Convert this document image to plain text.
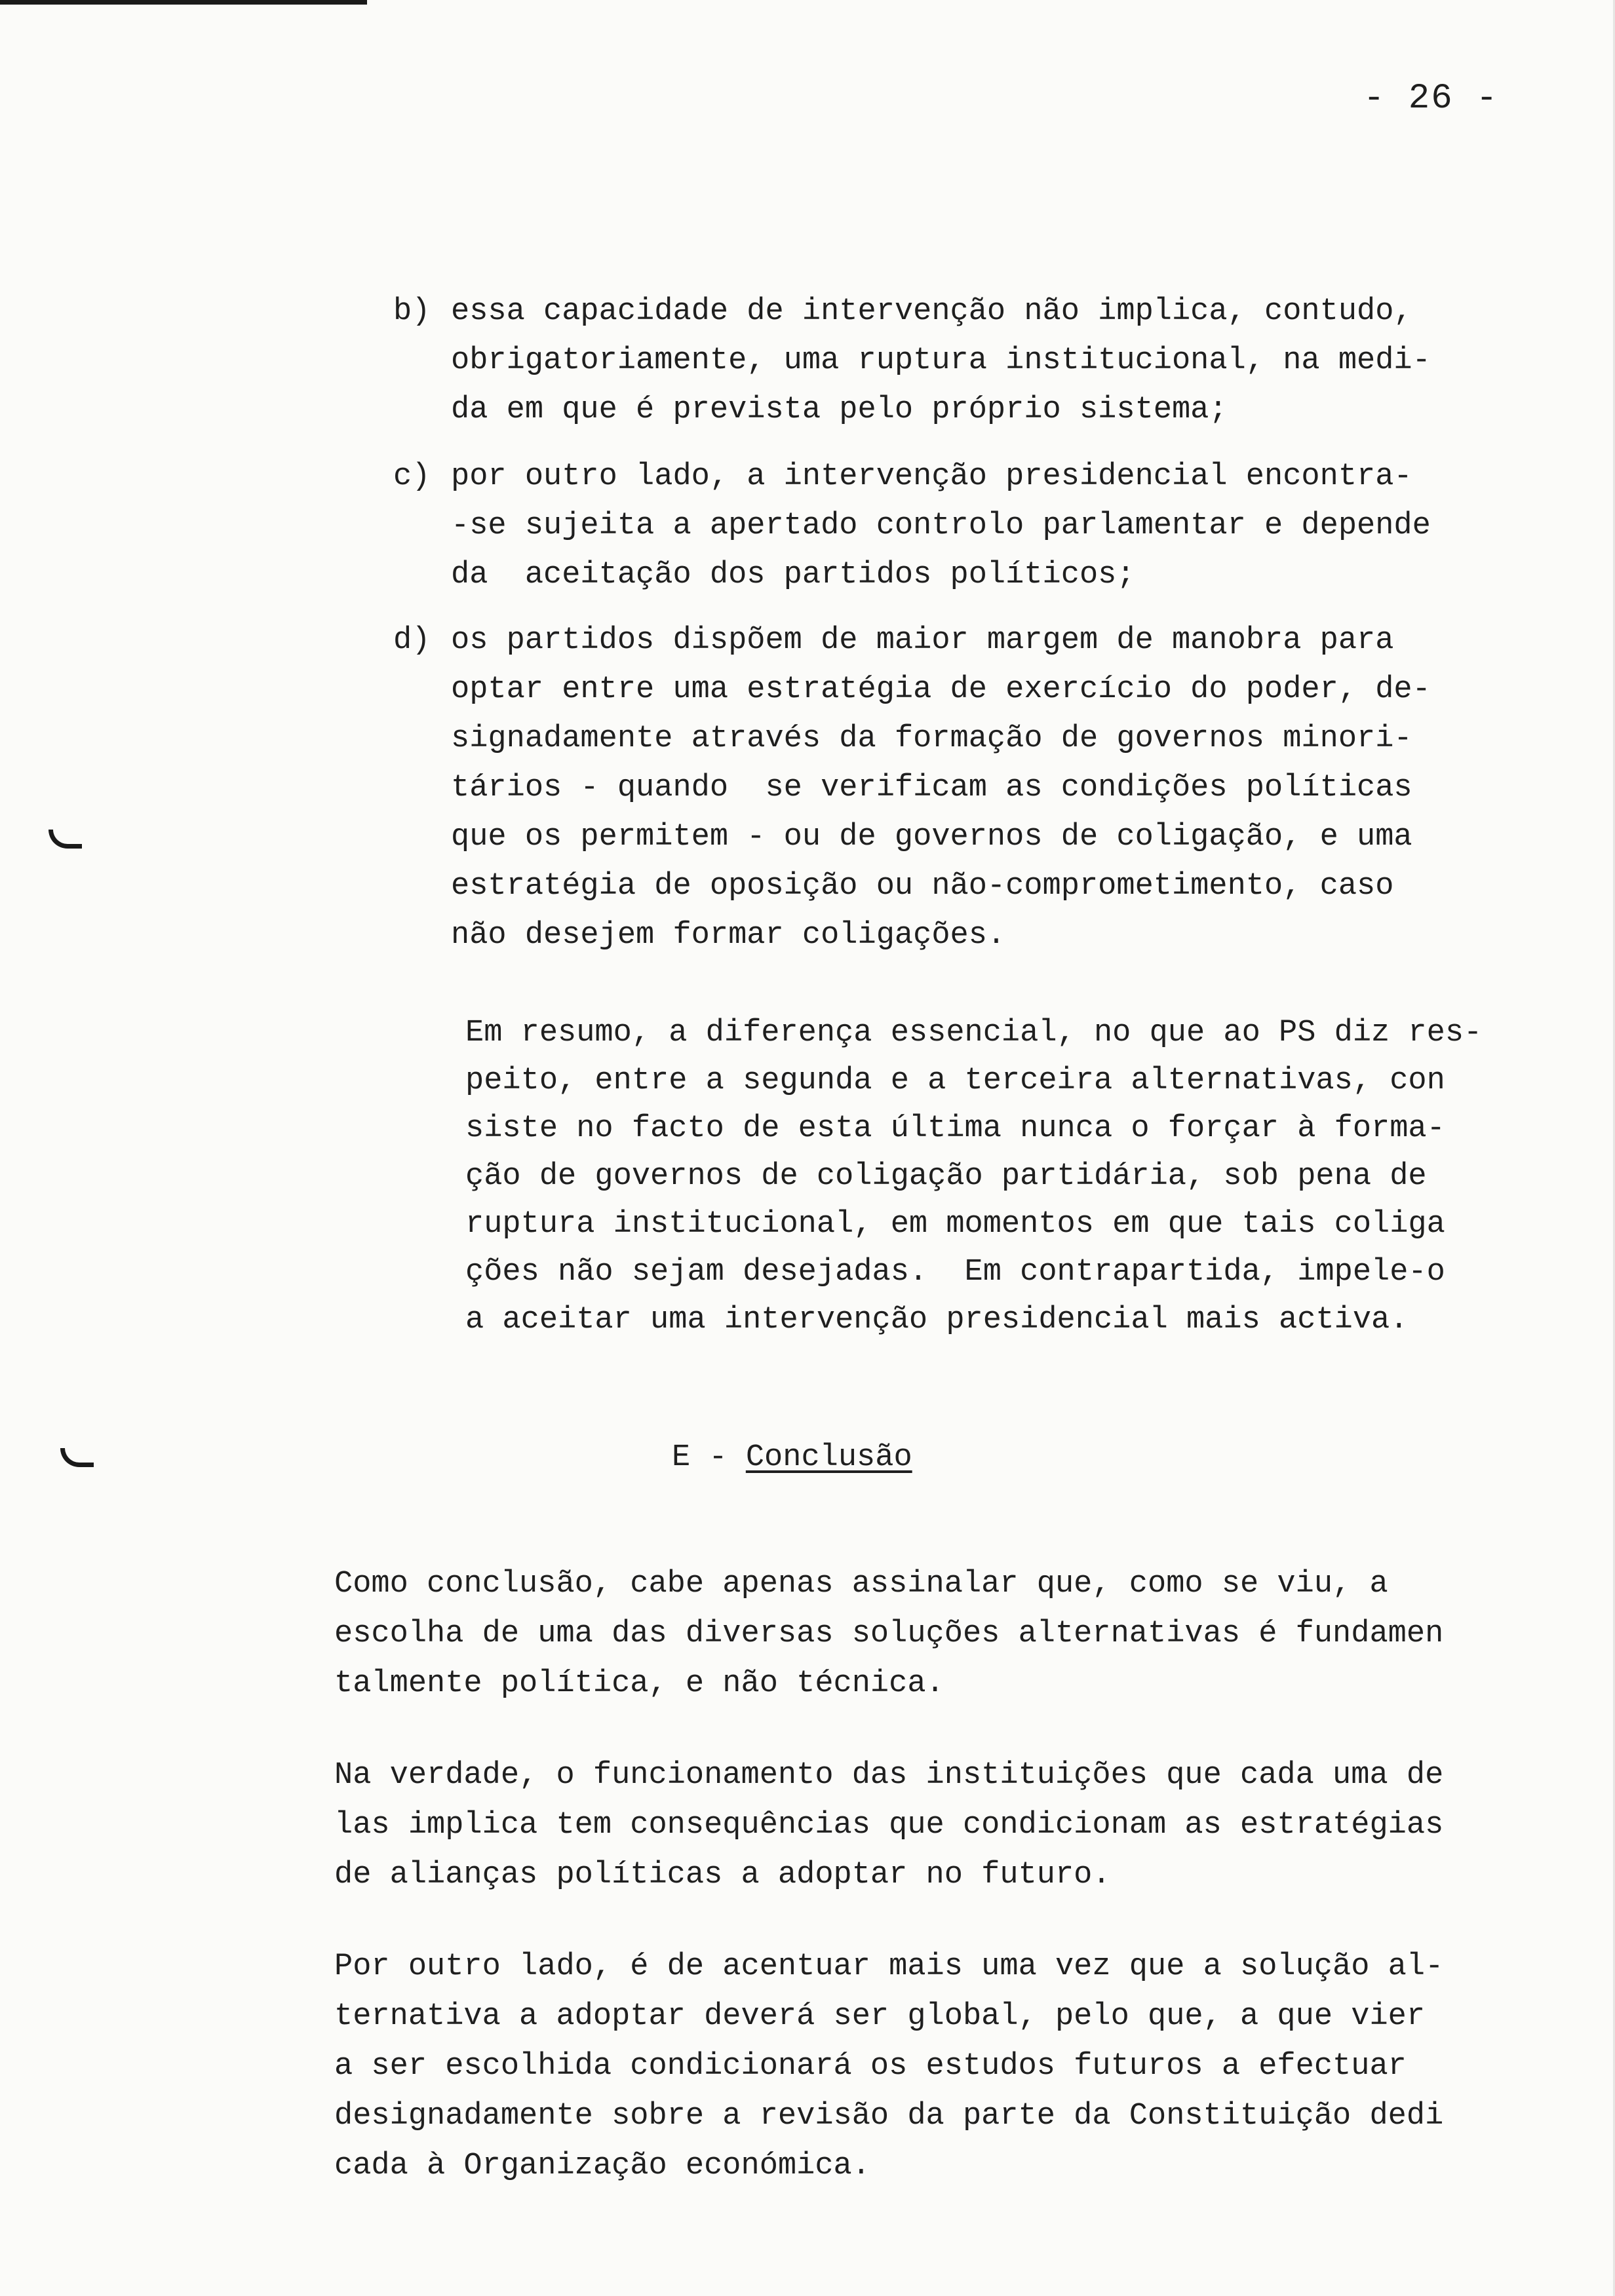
- 26 -
b) essa capacidade de intervenção não implica, contudo,
obrigatoriamente, uma ruptura institucional, na medi-
da em que é prevista pelo próprio sistema;
c) por outro lado, a intervenção presidencial encontra-
-se sujeita a apertado controlo parlamentar e depende
da  aceitação dos partidos políticos;
d) os partidos dispõem de maior margem de manobra para
optar entre uma estratégia de exercício do poder, de-
signadamente através da formação de governos minori-
tários - quando  se verificam as condições políticas
que os permitem - ou de governos de coligação, e uma
estratégia de oposição ou não-comprometimento, caso
não desejem formar coligações.
Em resumo, a diferença essencial, no que ao PS diz res-
peito, entre a segunda e a terceira alternativas, con
siste no facto de esta última nunca o forçar à forma-
ção de governos de coligação partidária, sob pena de
ruptura institucional, em momentos em que tais coliga
ções não sejam desejadas.  Em contrapartida, impele-o
a aceitar uma intervenção presidencial mais activa.
E - Conclusão
Como conclusão, cabe apenas assinalar que, como se viu, a
escolha de uma das diversas soluções alternativas é fundamen
talmente política, e não técnica.
Na verdade, o funcionamento das instituições que cada uma de
las implica tem consequências que condicionam as estratégias
de alianças políticas a adoptar no futuro.
Por outro lado, é de acentuar mais uma vez que a solução al-
ternativa a adoptar deverá ser global, pelo que, a que vier
a ser escolhida condicionará os estudos futuros a efectuar
designadamente sobre a revisão da parte da Constituição dedi
cada à Organização económica.
